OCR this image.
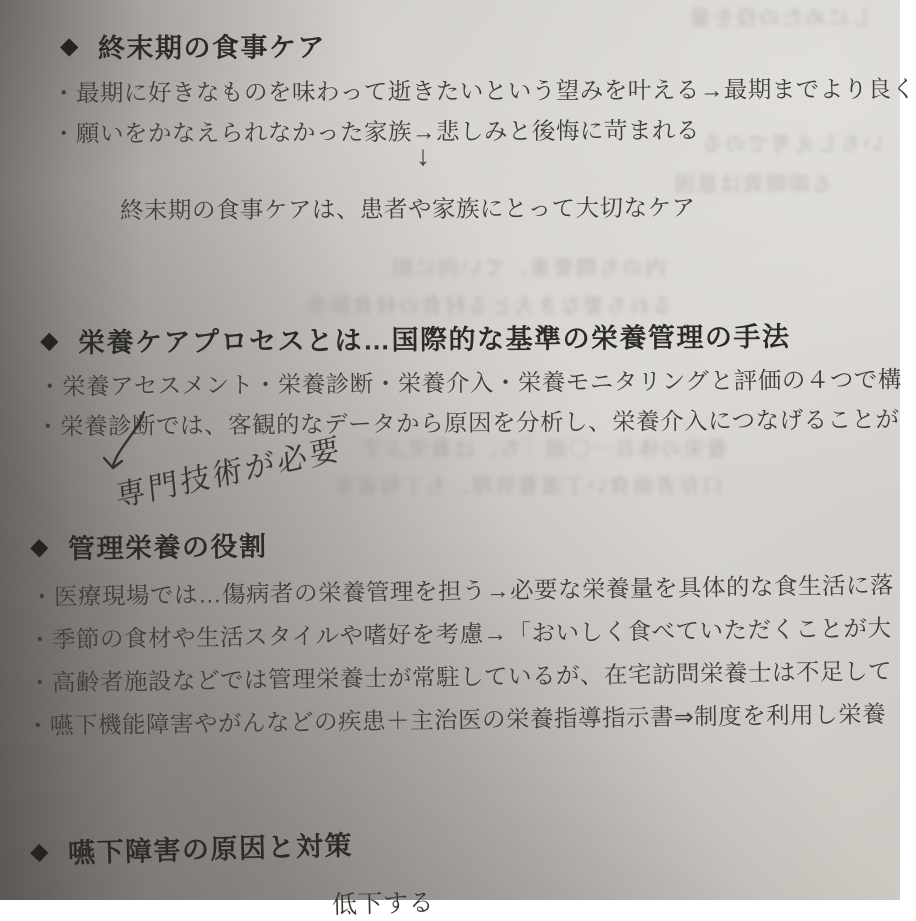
しにめたの役を量
いちしえ考でのる
る即間效は意図
内のち間要重、てい向に胆
るれち要なき大とる村食の材食節季
養栄の体長一〇頭「ち、は養栄ぶ学
口存者面食い丁蛋養管理、も丁毎雀家
◆ 終末期の食事ケア
・最期に好きなものを味わって逝きたいという望みを叶える→最期までより良く
・願いをかなえられなかった家族→悲しみと後悔に苛まれる
↓
終末期の食事ケアは、患者や家族にとって大切なケア
◆ 栄養ケアプロセスとは…国際的な基準の栄養管理の手法
・栄養アセスメント・栄養診断・栄養介入・栄養モニタリングと評価の４つで構
・栄養診断では、客観的なデータから原因を分析し、栄養介入につなげることが
専門技術が必要
◆ 管理栄養の役割
・医療現場では…傷病者の栄養管理を担う→必要な栄養量を具体的な食生活に落
・季節の食材や生活スタイルや嗜好を考慮→「おいしく食べていただくことが大
・高齢者施設などでは管理栄養士が常駐しているが、在宅訪問栄養士は不足して
・嚥下機能障害やがんなどの疾患＋主治医の栄養指導指示書⇒制度を利用し栄養
◆ 嚥下障害の原因と対策
低下する
